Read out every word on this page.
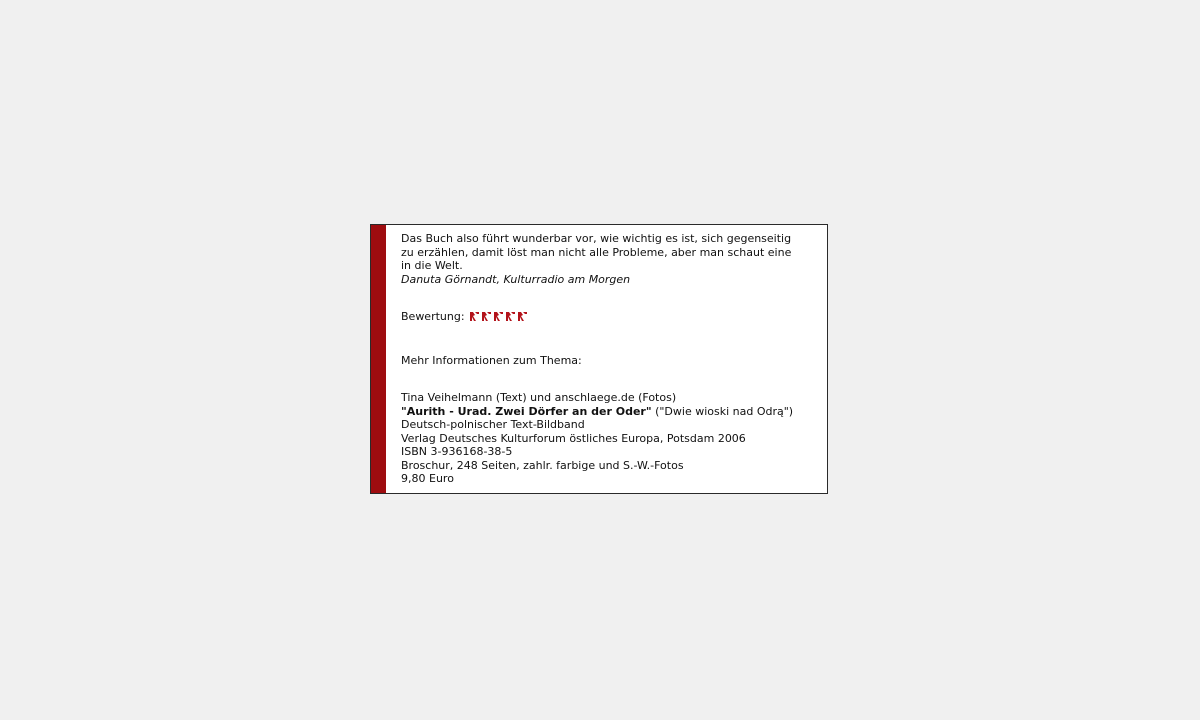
Das Buch also führt wunderbar vor, wie wichtig es ist, sich gegenseitig
zu erzählen, damit löst man nicht alle Probleme, aber man schaut eine
in die Welt.
Danuta Görnandt, Kulturradio am Morgen
Bewertung:
Mehr Informationen zum Thema:
Tina Veihelmann (Text) und anschlaege.de (Fotos)
"Aurith - Urad. Zwei Dörfer an der Oder" ("Dwie wioski nad Odrą")
Deutsch-polnischer Text-Bildband
Verlag Deutsches Kulturforum östliches Europa, Potsdam 2006
ISBN 3-936168-38-5
Broschur, 248 Seiten, zahlr. farbige und S.-W.-Fotos
9,80 Euro
